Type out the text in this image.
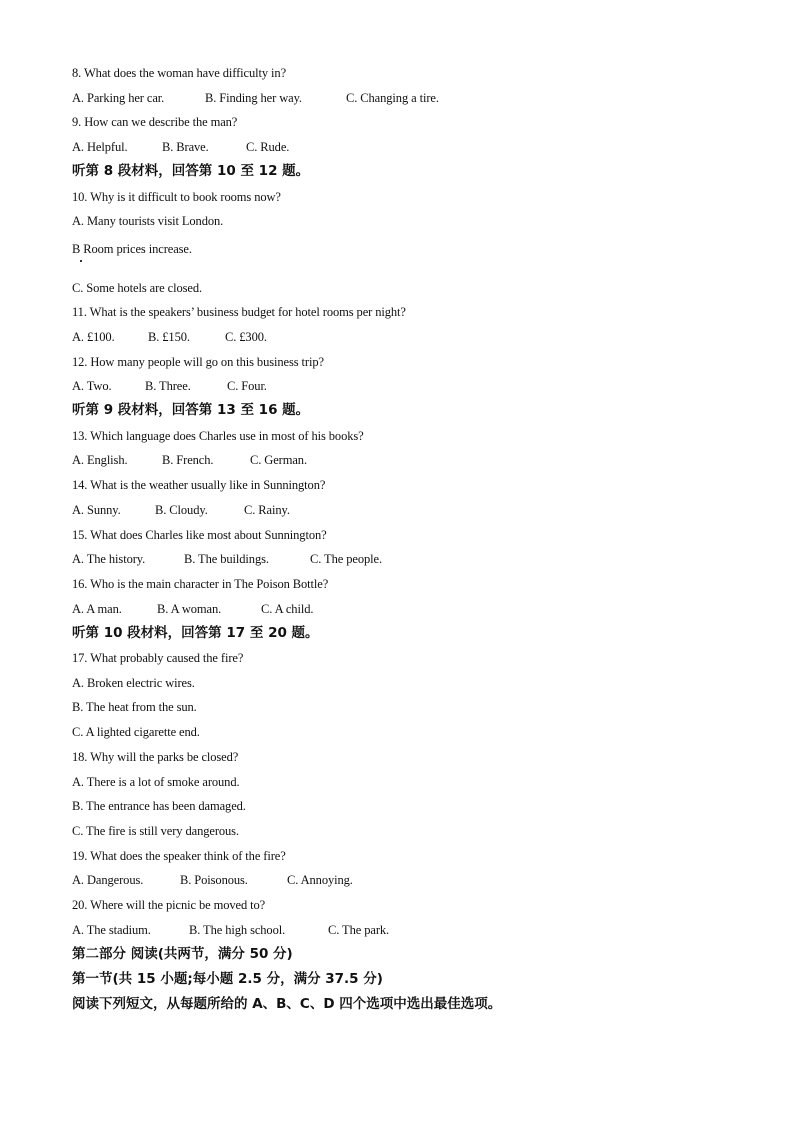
8. What does the woman have difficulty in?
A. Parking her car.	B. Finding her way.	C. Changing a tire.
9. How can we describe the man?
A. Helpful.	B. Brave.	C. Rude.
听第 8 段材料，回答第 10 至 12 题。
10. Why is it difficult to book rooms now?
A. Many tourists visit London.
B Room prices increase.
C. Some hotels are closed.
11. What is the speakers’ business budget for hotel rooms per night?
A. £100.	B. £150.	C. £300.
12. How many people will go on this business trip?
A. Two.	B. Three.	C. Four.
听第 9 段材料，回答第 13 至 16 题。
13. Which language does Charles use in most of his books?
A. English.	B. French.	C. German.
14. What is the weather usually like in Sunnington?
A. Sunny.	B. Cloudy.	C. Rainy.
15. What does Charles like most about Sunnington?
A. The history.	B. The buildings.	C. The people.
16. Who is the main character in The Poison Bottle?
A. A man.	B. A woman.	C. A child.
听第 10 段材料，回答第 17 至 20 题。
17. What probably caused the fire?
A. Broken electric wires.
B. The heat from the sun.
C. A lighted cigarette end.
18. Why will the parks be closed?
A. There is a lot of smoke around.
B. The entrance has been damaged.
C. The fire is still very dangerous.
19. What does the speaker think of the fire?
A. Dangerous.	B. Poisonous.	C. Annoying.
20. Where will the picnic be moved to?
A. The stadium.	B. The high school.	C. The park.
第二部分 阅读(共两节，满分 50 分)
第一节(共 15 小题;每小题 2.5 分，满分 37.5 分)
阅读下列短文，从每题所给的 A、B、C、D 四个选项中选出最佳选项。
